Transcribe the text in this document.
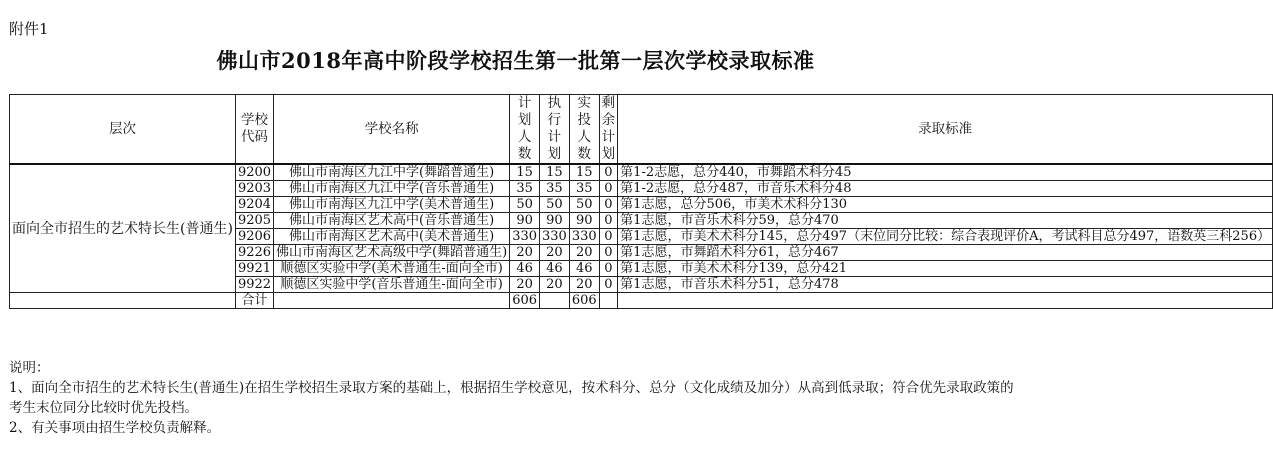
附件1
佛山市2018年高中阶段学校招生第一批第一层次学校录取标准
层次	学校代码	学校名称	计划人数	执行计划	实投人数	剩余计划	录取标准
面向全市招生的艺术特长生(普通生)	9200	佛山市南海区九江中学(舞蹈普通生)	15	15	15	0	第1-2志愿，总分440，市舞蹈术科分45
	9203	佛山市南海区九江中学(音乐普通生)	35	35	35	0	第1-2志愿，总分487，市音乐术科分48
	9204	佛山市南海区九江中学(美术普通生)	50	50	50	0	第1志愿，总分506，市美术术科分130
	9205	佛山市南海区艺术高中(音乐普通生)	90	90	90	0	第1志愿，市音乐术科分59，总分470
	9206	佛山市南海区艺术高中(美术普通生)	330	330	330	0	第1志愿，市美术术科分145，总分497（末位同分比较：综合表现评价A，考试科目总分497，语数英三科256）
	9226	佛山市南海区艺术高级中学(舞蹈普通生)	20	20	20	0	第1志愿，市舞蹈术科分61，总分467
	9921	顺德区实验中学(美术普通生-面向全市)	46	46	46	0	第1志愿，市美术术科分139，总分421
	9922	顺德区实验中学(音乐普通生-面向全市)	20	20	20	0	第1志愿，市音乐术科分51，总分478
	合计		606		606		
说明：
1、面向全市招生的艺术特长生(普通生)在招生学校招生录取方案的基础上，根据招生学校意见，按术科分、总分（文化成绩及加分）从高到低录取；符合优先录取政策的考生末位同分比较时优先投档。
2、有关事项由招生学校负责解释。
